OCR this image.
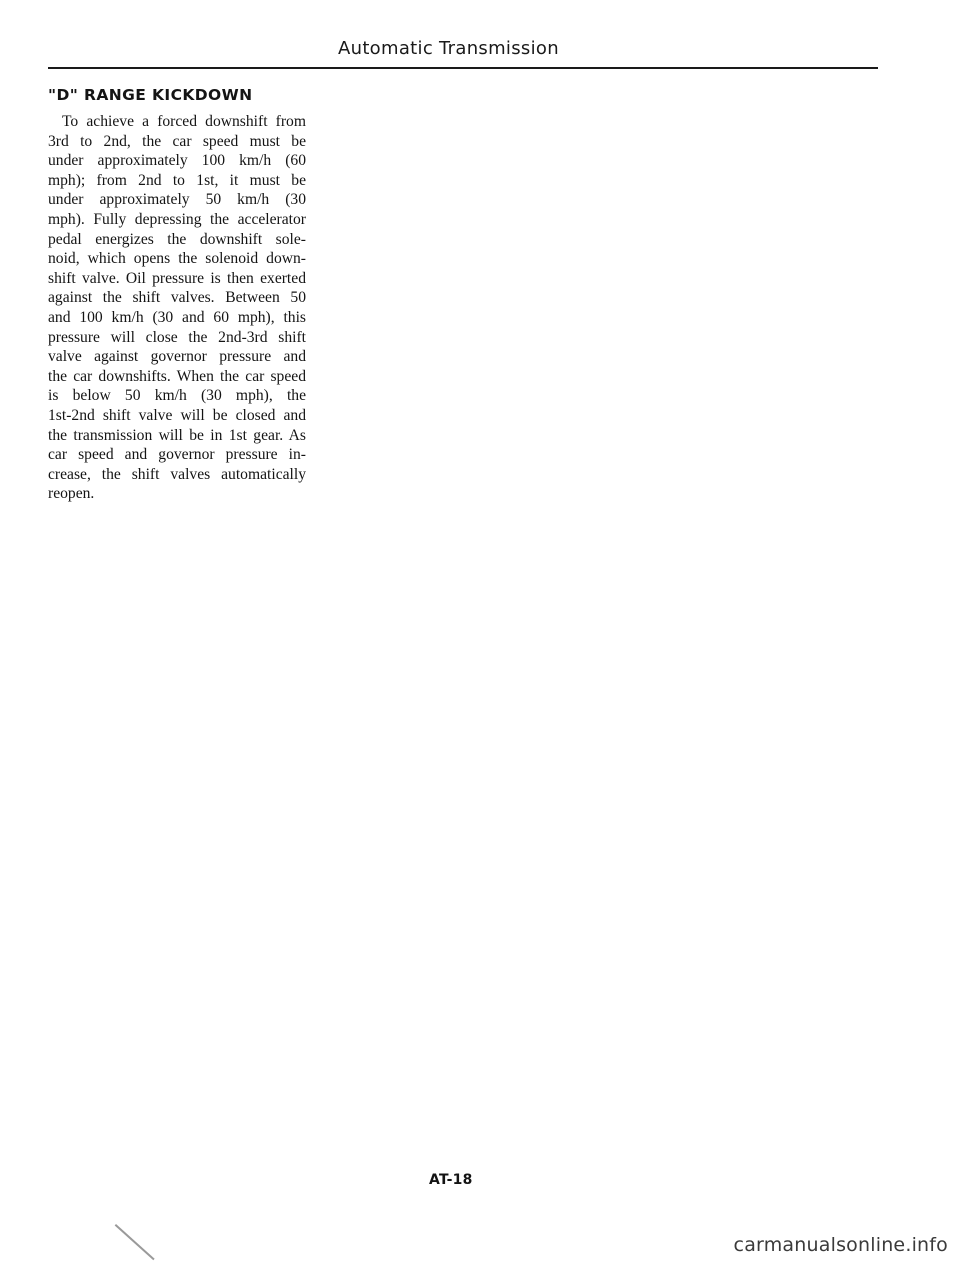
Automatic Transmission
"D" RANGE KICKDOWN
To achieve a forced downshift from
3rd to 2nd, the car speed must be
under approximately 100 km/h (60
mph); from 2nd to 1st, it must be
under approximately 50 km/h (30
mph). Fully depressing the accelerator
pedal energizes the downshift sole-
noid, which opens the solenoid down-
shift valve. Oil pressure is then exerted
against the shift valves. Between 50
and 100 km/h (30 and 60 mph), this
pressure will close the 2nd-3rd shift
valve against governor pressure and
the car downshifts. When the car speed
is below 50 km/h (30 mph), the
1st-2nd shift valve will be closed and
the transmission will be in 1st gear. As
car speed and governor pressure in-
crease, the shift valves automatically
reopen.
AT-18
carmanualsonline.info
